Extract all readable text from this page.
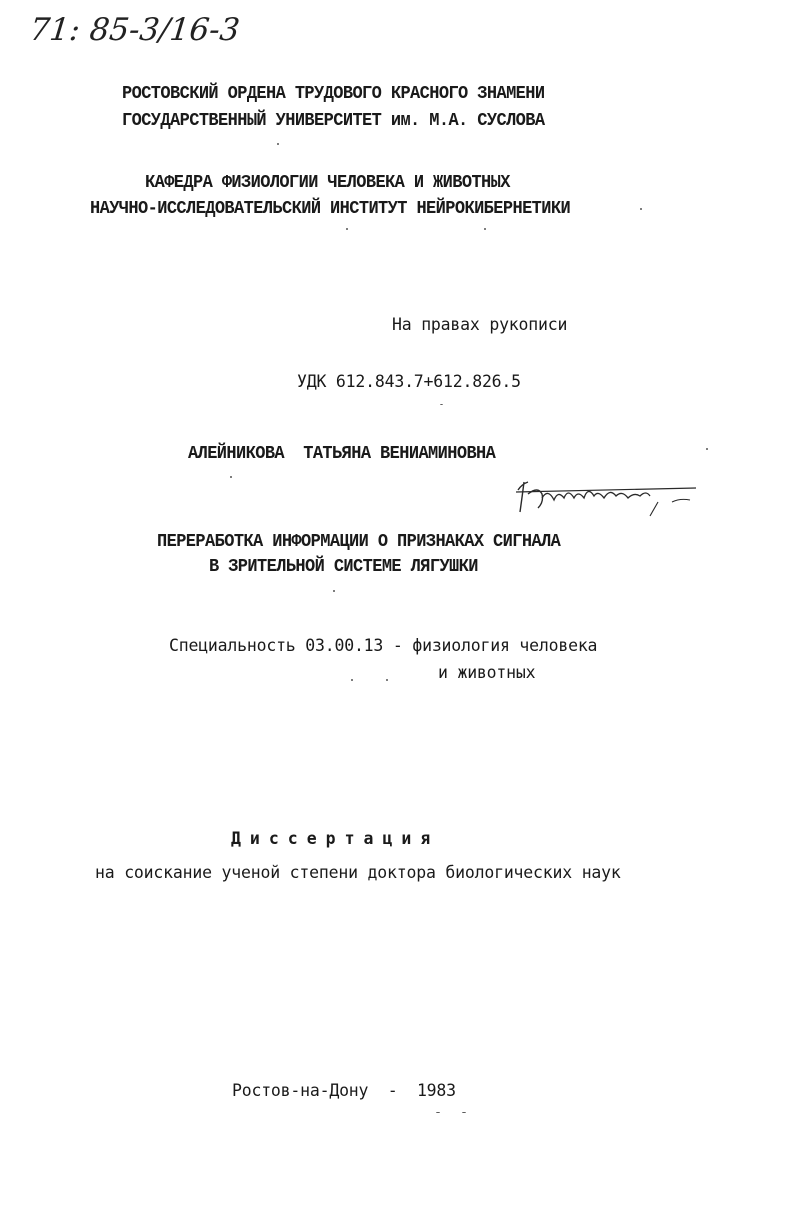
71: 85-3/16-3
РОСТОВСКИЙ ОРДЕНА ТРУДОВОГО КРАСНОГО ЗНАМЕНИ
ГОСУДАРСТВЕННЫЙ УНИВЕРСИТЕТ им. М.А. СУСЛОВА
КАФЕДРА ФИЗИОЛОГИИ ЧЕЛОВЕКА И ЖИВОТНЫХ
НАУЧНО-ИССЛЕДОВАТЕЛЬСКИЙ ИНСТИТУТ НЕЙРОКИБЕРНЕТИКИ
На правах рукописи
УДК 612.843.7+612.826.5
АЛЕЙНИКОВА  ТАТЬЯНА ВЕНИАМИНОВНА
ПЕРЕРАБОТКА ИНФОРМАЦИИ О ПРИЗНАКАХ СИГНАЛА
В ЗРИТЕЛЬНОЙ СИСТЕМЕ ЛЯГУШКИ
Специальность 03.00.13 - физиология человека
и животных
Диссертация
на соискание ученой степени доктора биологических наук
Ростов-на-Дону  -  1983
